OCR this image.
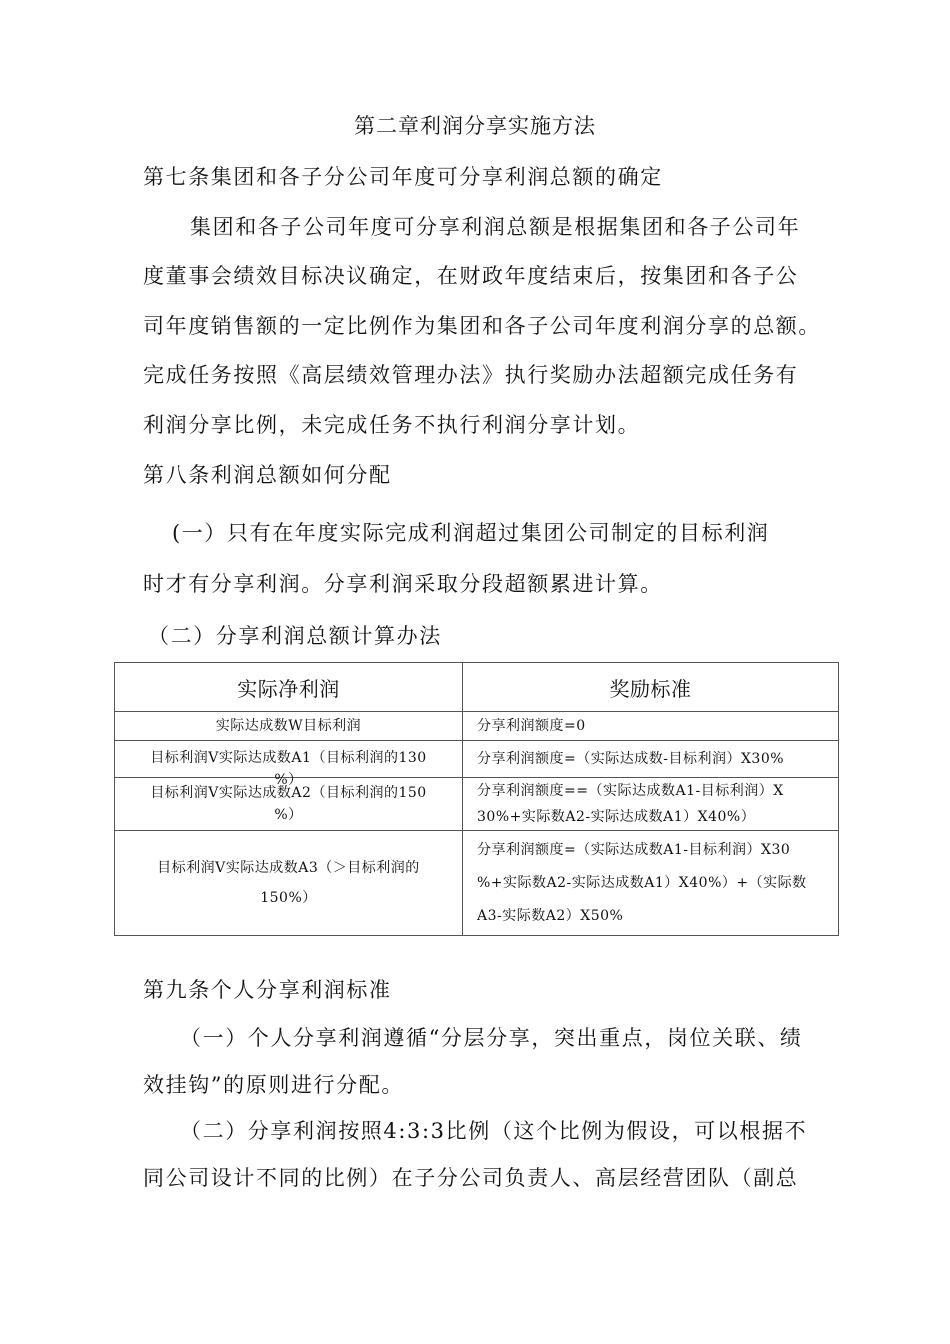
第二章利润分享实施方法
第七条集团和各子分公司年度可分享利润总额的确定
集团和各子公司年度可分享利润总额是根据集团和各子公司年
度董事会绩效目标决议确定，在财政年度结束后，按集团和各子公
司年度销售额的一定比例作为集团和各子公司年度利润分享的总额。
完成任务按照《高层绩效管理办法》执行奖励办法超额完成任务有
利润分享比例，未完成任务不执行利润分享计划。
第八条利润总额如何分配
(一）只有在年度实际完成利润超过集团公司制定的目标利润
时才有分享利润。分享利润采取分段超额累进计算。
（二）分享利润总额计算办法
实际净利润	奖励标准
实际达成数W目标利润	分享利润额度=0

目标利润V实际达成数A1（目标利润的130
%）	分享利润额度=（实际达成数-目标利润）X30%
目标利润V实际达成数A2（目标利润的150
%）	分享利润额度==（实际达成数A1-目标利润）X
30%+实际数A2-实际达成数A1）X40%）
目标利润V实际达成数A3（＞目标利润的
150%）	分享利润额度=（实际达成数A1-目标利润）X30
%+实际数A2-实际达成数A1）X40%）+（实际数
A3-实际数A2）X50%
第九条个人分享利润标准
（一）个人分享利润遵循“分层分享，突出重点，岗位关联、绩
效挂钩”的原则进行分配。
（二）分享利润按照4:3:3比例（这个比例为假设，可以根据不
同公司设计不同的比例）在子分公司负责人、高层经营团队（副总
